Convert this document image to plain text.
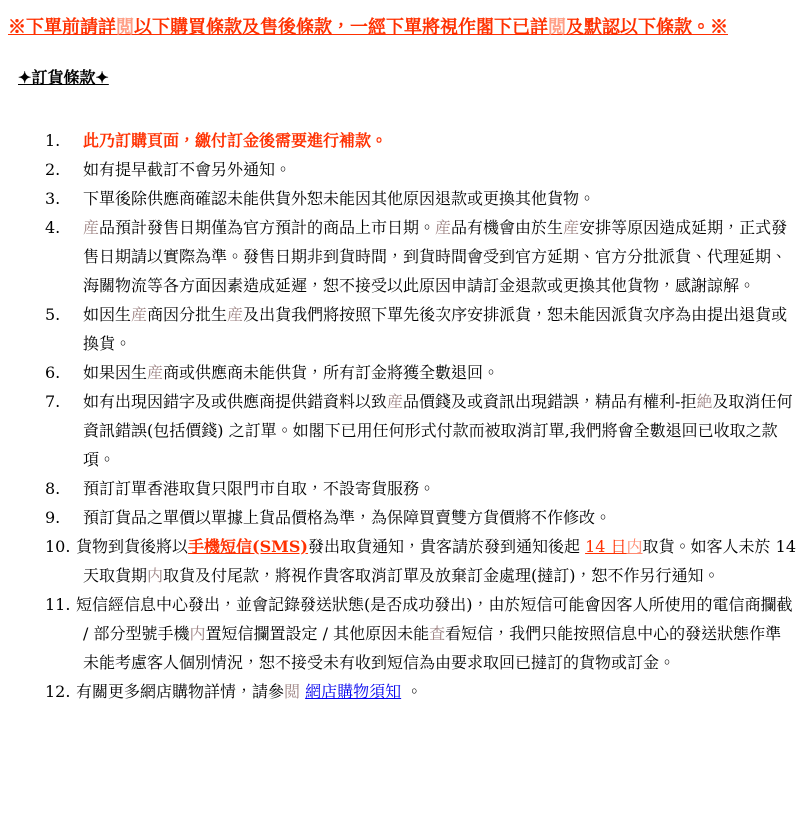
※下單前請詳閲以下購買條款及售後條款，一經下單將視作閣下已詳閲及默認以下條款。※
✦訂貨條款✦
1. 此乃訂購頁面，繳付訂金後需要進行補款。
2. 如有提早截訂不會另外通知。
3. 下單後除供應商確認未能供貨外恕未能因其他原因退款或更換其他貨物。
4. 産品預計發售日期僅為官方預計的商品上市日期。産品有機會由於生産安排等原因造成延期，正式發售日期請以實際為準。發售日期非到貨時間，到貨時間會受到官方延期、官方分批派貨、代理延期、海關物流等各方面因素造成延遲，恕不接受以此原因申請訂金退款或更換其他貨物，感謝諒解。
5. 如因生産商因分批生産及出貨我們將按照下單先後次序安排派貨，恕未能因派貨次序為由提出退貨或換貨。
6. 如果因生産商或供應商未能供貨，所有訂金將獲全數退回。
7. 如有出現因錯字及或供應商提供錯資料以致産品價錢及或資訊出現錯誤，精品有權利-拒絶及取消任何資訊錯誤(包括價錢) 之訂單。如閣下已用任何形式付款而被取消訂單,我們將會全數退回已收取之款項。
8. 預訂訂單香港取貨只限門市自取，不設寄貨服務。
9. 預訂貨品之單價以單據上貨品價格為準，為保障買賣雙方貨價將不作修改。
10. 貨物到貨後將以手機短信(SMS)發出取貨通知，貴客請於發到通知後起 14 日内取貨。如客人未於 14 天取貨期内取貨及付尾款，將視作貴客取消訂單及放棄訂金處理(撻訂)，恕不作另行通知。
11. 短信經信息中心發出，並會記錄發送狀態(是否成功發出)，由於短信可能會因客人所使用的電信商攔截 / 部分型號手機内置短信攔置設定 / 其他原因未能査看短信，我們只能按照信息中心的發送狀態作準未能考慮客人個別情況，恕不接受未有收到短信為由要求取回已撻訂的貨物或訂金。
12. 有關更多網店購物詳情，請參閲 網店購物須知 。
